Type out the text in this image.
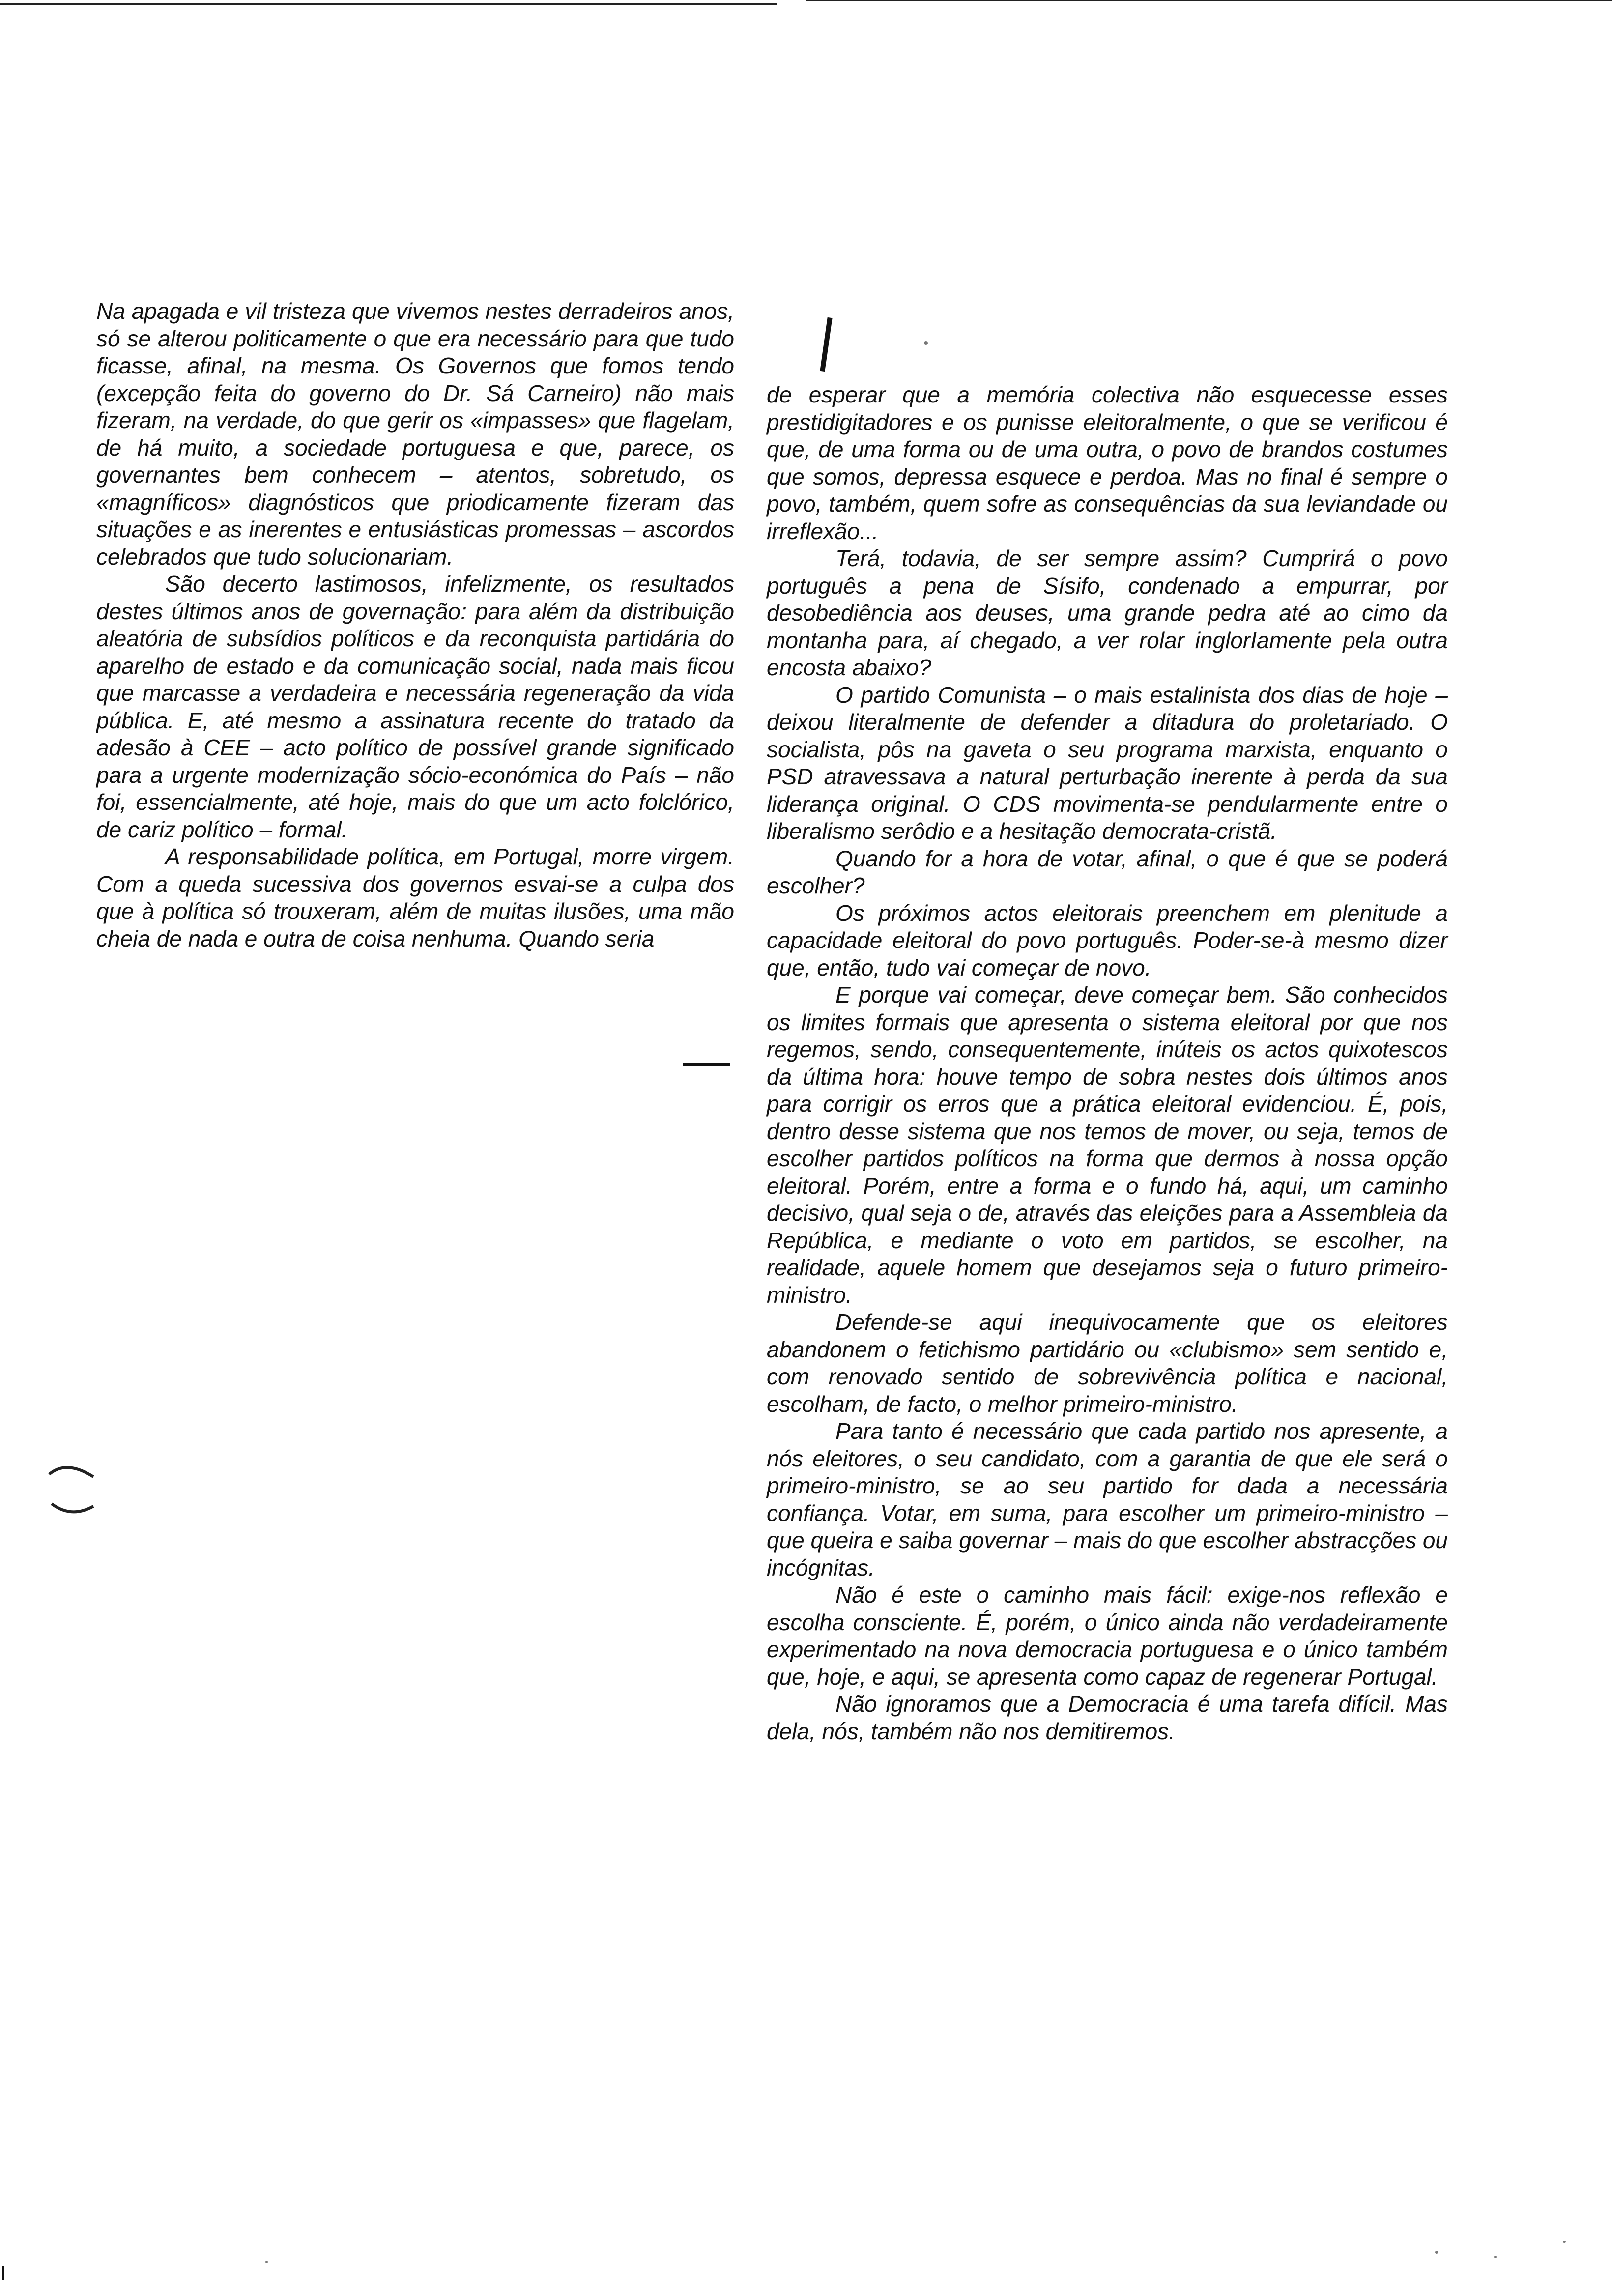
Na apagada e vil tristeza que vivemos nestes derradeiros anos, só se alterou politicamente o que era necessário para que tudo ficasse, afinal, na mesma. Os Governos que fomos tendo (excepção feita do governo do Dr. Sá Carneiro) não mais fizeram, na verdade, do que gerir os «impasses» que flagelam, de há muito, a sociedade portuguesa e que, parece, os governantes bem conhecem – atentos, sobretudo, os «magníficos» diagnósticos que priodicamente fizeram das situações e as inerentes e entusiásticas promessas – ascordos celebrados que tudo solucionariam.

São decerto lastimosos, infelizmente, os resultados destes últimos anos de governação: para além da distribuição aleatória de subsídios políticos e da reconquista partidária do aparelho de estado e da comunicação social, nada mais ficou que marcasse a verdadeira e necessária regeneração da vida pública. E, até mesmo a assinatura recente do tratado da adesão à CEE – acto político de possível grande significado para a urgente modernização sócio-económica do País – não foi, essencialmente, até hoje, mais do que um acto folclórico, de cariz político – formal.

A responsabilidade política, em Portugal, morre virgem. Com a queda sucessiva dos governos esvai-se a culpa dos que à política só trouxeram, além de muitas ilusões, uma mão cheia de nada e outra de coisa nenhuma. Quando seria

de esperar que a memória colectiva não esquecesse esses prestidigitadores e os punisse eleitoralmente, o que se verificou é que, de uma forma ou de uma outra, o povo de brandos costumes que somos, depressa esquece e perdoa. Mas no final é sempre o povo, também, quem sofre as consequências da sua leviandade ou irreflexão...

Terá, todavia, de ser sempre assim? Cumprirá o povo português a pena de Sísifo, condenado a empurrar, por desobediência aos deuses, uma grande pedra até ao cimo da montanha para, aí chegado, a ver rolar inglorIamente pela outra encosta abaixo?

O partido Comunista – o mais estalinista dos dias de hoje – deixou literalmente de defender a ditadura do proletariado. O socialista, pôs na gaveta o seu programa marxista, enquanto o PSD atravessava a natural perturbação inerente à perda da sua liderança original. O CDS movimenta-se pendularmente entre o liberalismo serôdio e a hesitação democrata-cristã.

Quando for a hora de votar, afinal, o que é que se poderá escolher?

Os próximos actos eleitorais preenchem em plenitude a capacidade eleitoral do povo português. Poder-se-à mesmo dizer que, então, tudo vai começar de novo.

E porque vai começar, deve começar bem. São conhecidos os limites formais que apresenta o sistema eleitoral por que nos regemos, sendo, consequentemente, inúteis os actos quixotescos da última hora: houve tempo de sobra nestes dois últimos anos para corrigir os erros que a prática eleitoral evidenciou. É, pois, dentro desse sistema que nos temos de mover, ou seja, temos de escolher partidos políticos na forma que dermos à nossa opção eleitoral. Porém, entre a forma e o fundo há, aqui, um caminho decisivo, qual seja o de, através das eleições para a Assembleia da República, e mediante o voto em partidos, se escolher, na realidade, aquele homem que desejamos seja o futuro primeiro-ministro.

Defende-se aqui inequivocamente que os eleitores abandonem o fetichismo partidário ou «clubismo» sem sentido e, com renovado sentido de sobrevivência política e nacional, escolham, de facto, o melhor primeiro-ministro.

Para tanto é necessário que cada partido nos apresente, a nós eleitores, o seu candidato, com a garantia de que ele será o primeiro-ministro, se ao seu partido for dada a necessária confiança. Votar, em suma, para escolher um primeiro-ministro – que queira e saiba governar – mais do que escolher abstracções ou incógnitas.

Não é este o caminho mais fácil: exige-nos reflexão e escolha consciente. É, porém, o único ainda não verdadeiramente experimentado na nova democracia portuguesa e o único também que, hoje, e aqui, se apresenta como capaz de regenerar Portugal.

Não ignoramos que a Democracia é uma tarefa difícil. Mas dela, nós, também não nos demitiremos.
